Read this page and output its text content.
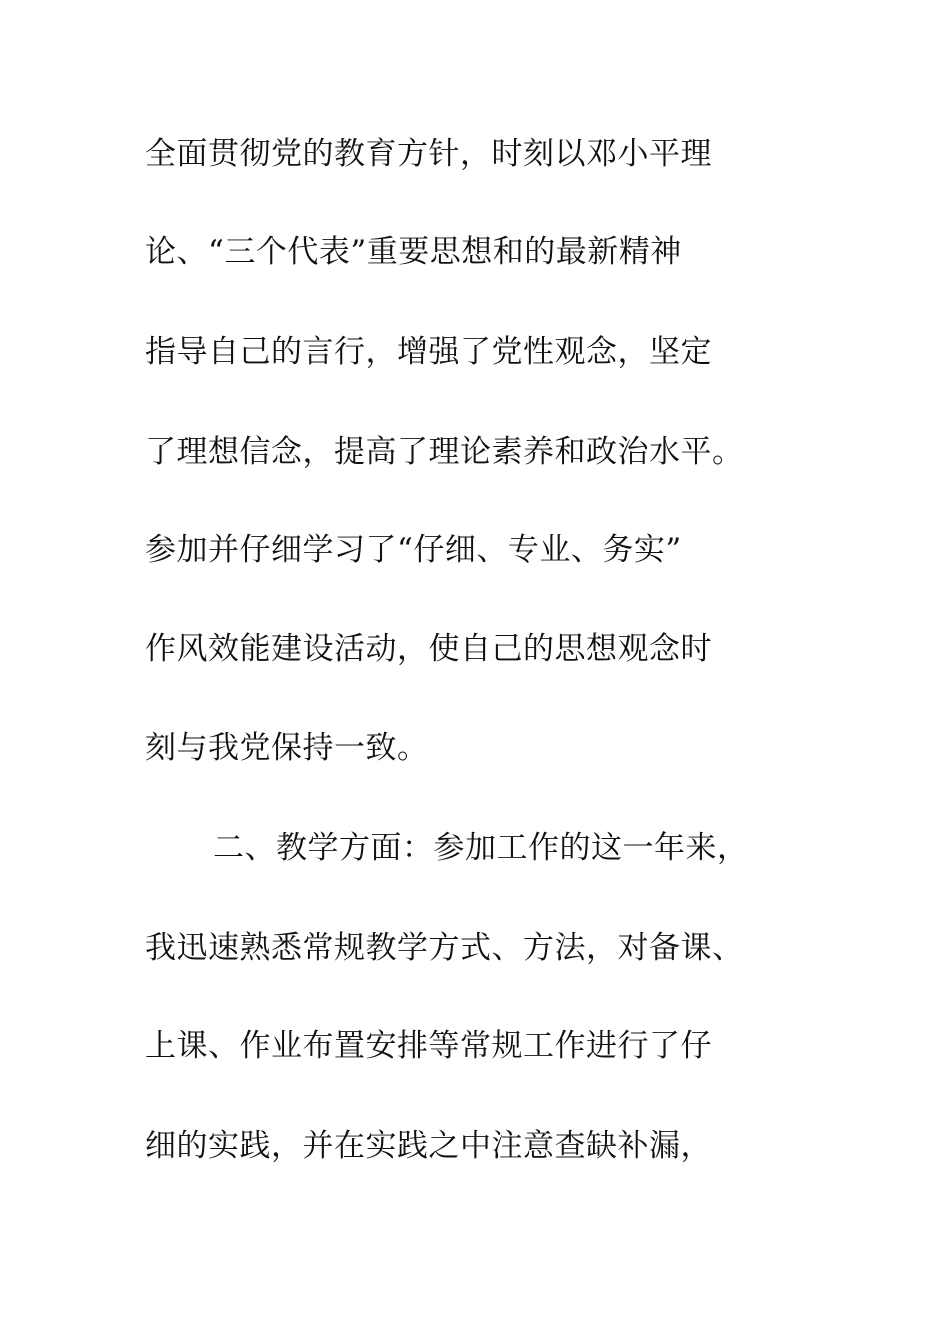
全面贯彻党的教育方针，时刻以邓小平理
论、“三个代表”重要思想和的最新精神
指导自己的言行，增强了党性观念，坚定
了理想信念，提高了理论素养和政治水平。
参加并仔细学习了“仔细、专业、务实”
作风效能建设活动，使自己的思想观念时
刻与我党保持一致。
二、教学方面：参加工作的这一年来，
我迅速熟悉常规教学方式、方法，对备课、
上课、作业布置安排等常规工作进行了仔
细的实践，并在实践之中注意查缺补漏，
